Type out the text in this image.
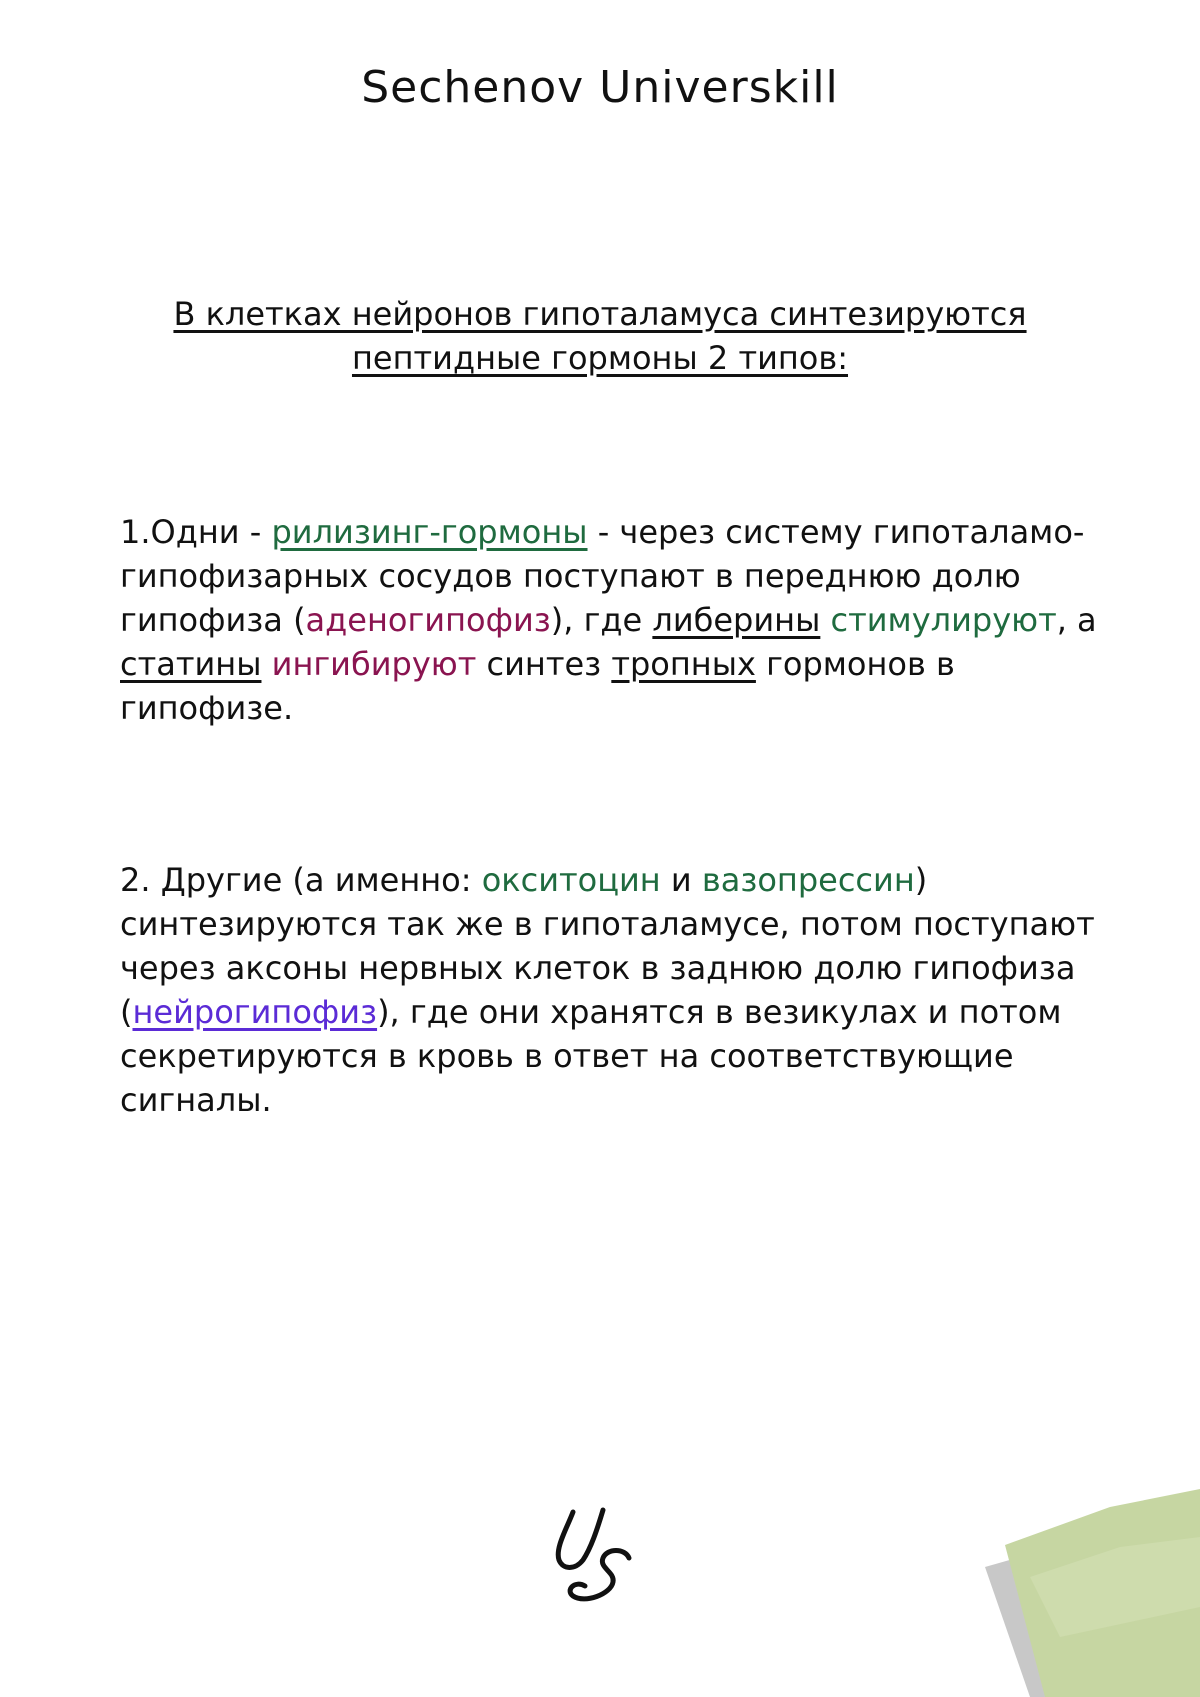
Sechenov Universkill
В клетках нейронов гипоталамуса синтезируются пептидные гормоны 2 типов:
1.Одни - рилизинг-гормоны - через систему гипоталамо-гипофизарных сосудов поступают в переднюю долю гипофиза (аденогипофиз), где либерины стимулируют, а статины ингибируют синтез тропных гормонов в гипофизе.
2. Другие (а именно: окситоцин и вазопрессин) синтезируются так же в гипоталамусе, потом поступают через аксоны нервных клеток в заднюю долю гипофиза (нейрогипофиз), где они хранятся в везикулах и потом секретируются в кровь в ответ на соответствующие сигналы.
